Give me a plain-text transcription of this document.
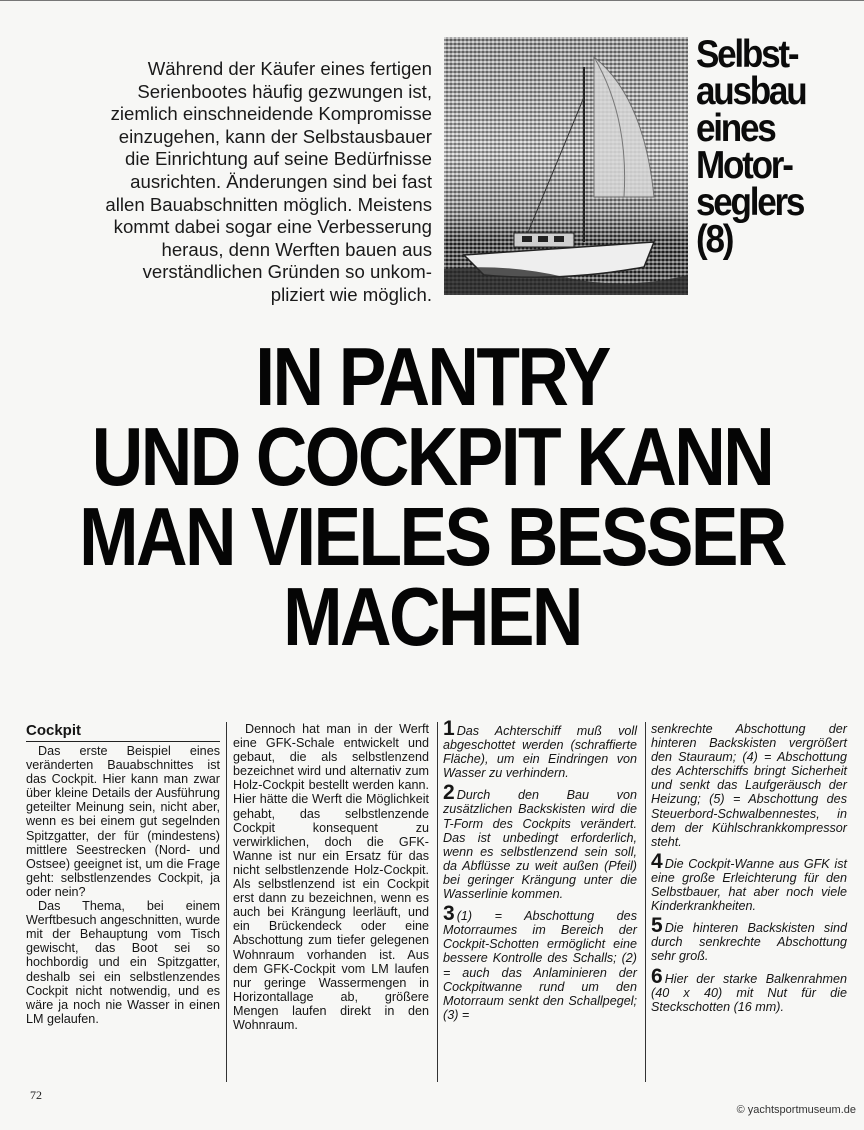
Während der Käufer eines fertigen
Serienbootes häufig gezwungen ist,
ziemlich einschneidende Kompromisse
einzugehen, kann der Selbstausbauer
die Einrichtung auf seine Bedürfnisse
ausrichten. Änderungen sind bei fast
allen Bauabschnitten möglich. Meistens
kommt dabei sogar eine Verbesserung
heraus, denn Werften bauen aus
verständlichen Gründen so unkom-
pliziert wie möglich.
Selbst-
ausbau
eines
Motor-
seglers
(8)
IN PANTRY
UND COCKPIT KANN
MAN VIELES BESSER
MACHEN
Cockpit

Das erste Beispiel eines veränderten Bauabschnittes ist das Cockpit. Hier kann man zwar über kleine Details der Ausführung geteilter Meinung sein, nicht aber, wenn es bei einem gut segelnden Spitzgatter, der für (mindestens) mittlere Seestrecken (Nord- und Ostsee) geeignet ist, um die Frage geht: selbstlenzendes Cockpit, ja oder nein?

Das Thema, bei einem Werftbesuch angeschnitten, wurde mit der Behauptung vom Tisch gewischt, das Boot sei so hochbordig und ein Spitzgatter, deshalb sei ein selbstlenzendes Cockpit nicht notwendig, und es wäre ja noch nie Wasser in einen LM gelaufen.

Dennoch hat man in der Werft eine GFK-Schale entwickelt und gebaut, die als selbstlenzend bezeichnet wird und alternativ zum Holz-Cockpit bestellt werden kann. Hier hätte die Werft die Möglichkeit gehabt, das selbstlenzende Cockpit konsequent zu verwirklichen, doch die GFK-Wanne ist nur ein Ersatz für das nicht selbstlenzende Holz-Cockpit. Als selbstlenzend ist ein Cockpit erst dann zu bezeichnen, wenn es auch bei Krängung leerläuft, und ein Brückendeck oder eine Abschottung zum tiefer gelegenen Wohnraum vorhanden ist. Aus dem GFK-Cockpit vom LM laufen nur geringe Wassermengen in Horizontallage ab, größere Mengen laufen direkt in den Wohnraum.

1 Das Achterschiff muß voll abgeschottet werden (schraffierte Fläche), um ein Eindringen von Wasser zu verhindern.

2 Durch den Bau von zusätzlichen Backskisten wird die T-Form des Cockpits verändert. Das ist unbedingt erforderlich, wenn es selbstlenzend sein soll, da Abflüsse zu weit außen (Pfeil) bei geringer Krängung unter die Wasserlinie kommen.

3 (1) = Abschottung des Motorraumes im Bereich der Cockpit-Schotten ermöglicht eine bessere Kontrolle des Schalls; (2) = auch das Anlaminieren der Cockpitwanne rund um den Motorraum senkt den Schallpegel; (3) =

senkrechte Abschottung der hinteren Backskisten vergrößert den Stauraum; (4) = Abschottung des Achterschiffs bringt Sicherheit und senkt das Laufgeräusch der Heizung; (5) = Abschottung des Steuerbord-Schwalbennestes, in dem der Kühlschrankkompressor steht.

4 Die Cockpit-Wanne aus GFK ist eine große Erleichterung für den Selbstbauer, hat aber noch viele Kinderkrankheiten.

5 Die hinteren Backskisten sind durch senkrechte Abschottung sehr groß.

6 Hier der starke Balkenrahmen (40 x 40) mit Nut für die Steckschotten (16 mm).

72
© yachtsportmuseum.de
